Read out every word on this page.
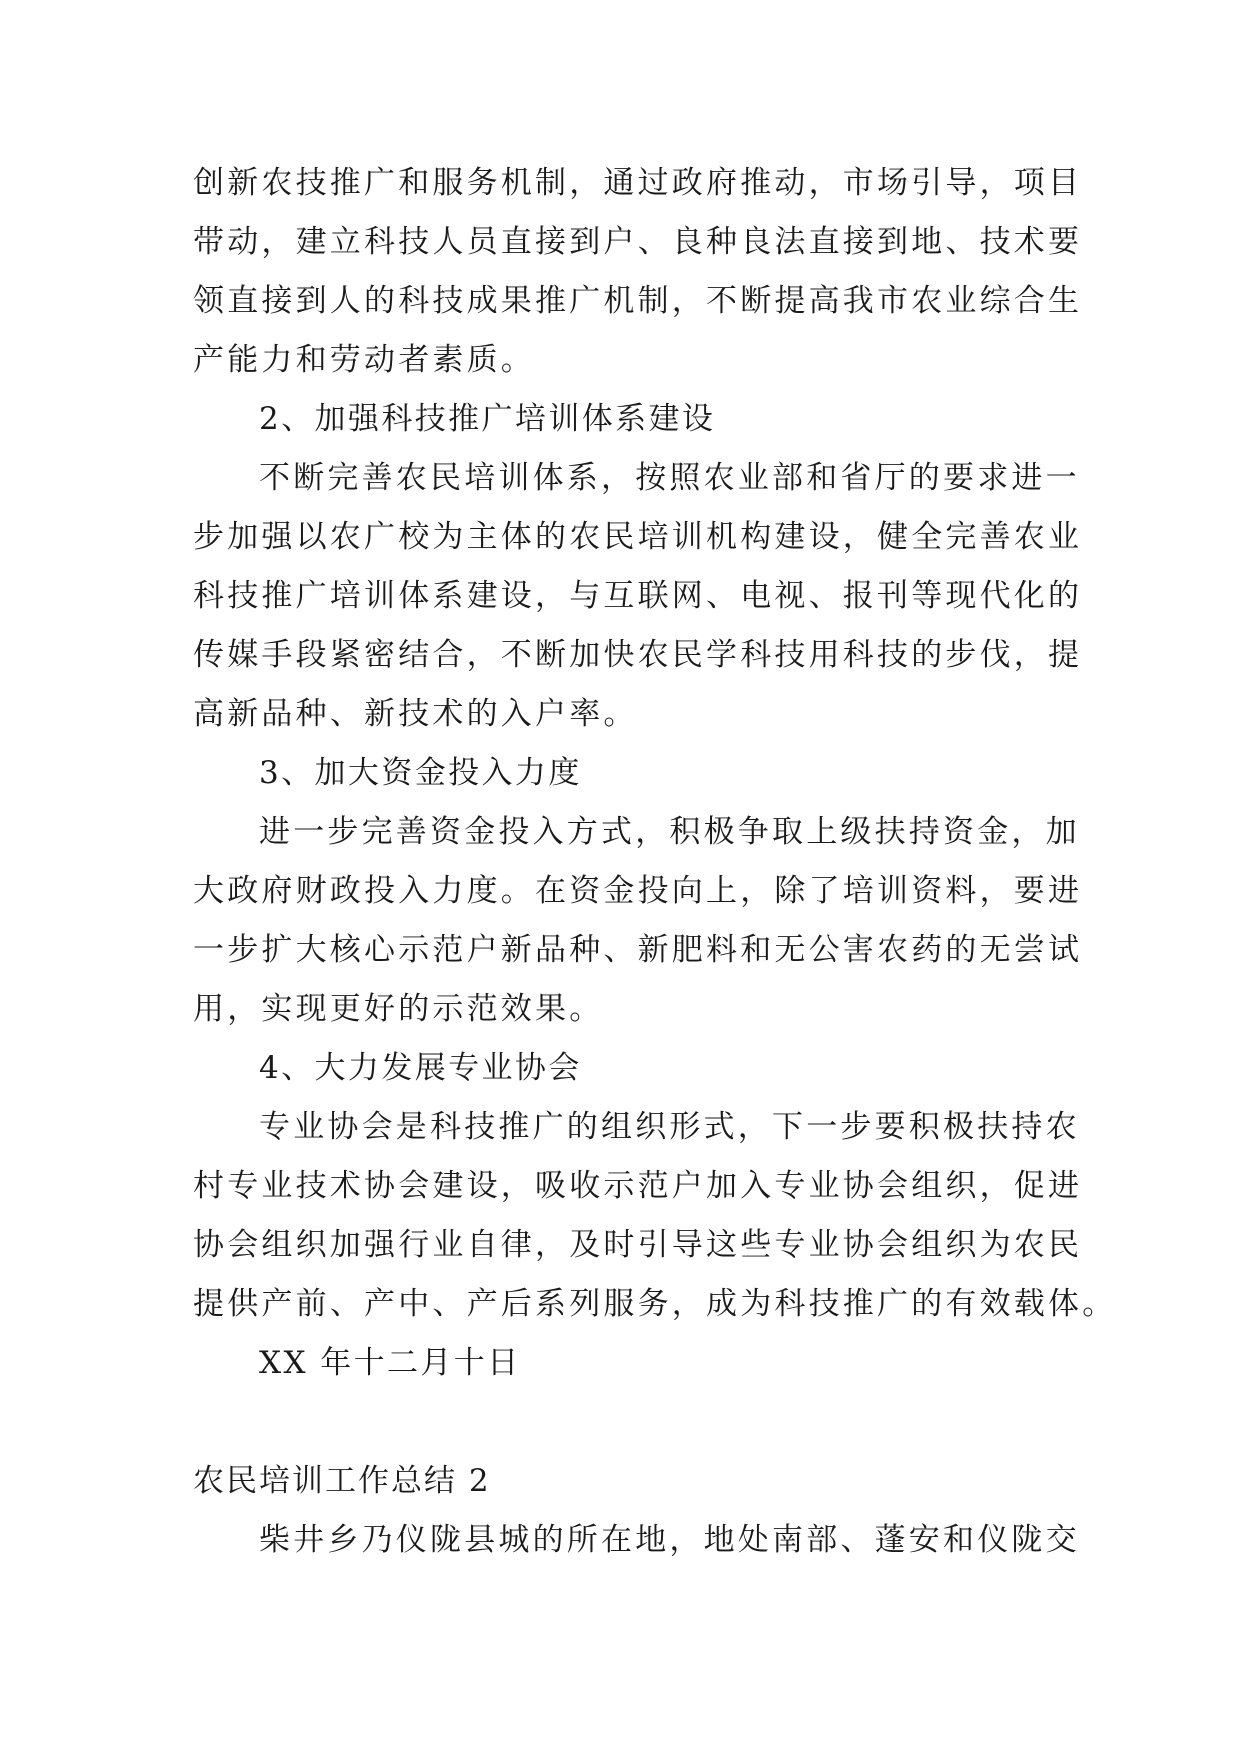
创新农技推广和服务机制，通过政府推动，市场引导，项目
带动，建立科技人员直接到户、良种良法直接到地、技术要
领直接到人的科技成果推广机制，不断提高我市农业综合生
产能力和劳动者素质。
2、加强科技推广培训体系建设
不断完善农民培训体系，按照农业部和省厅的要求进一
步加强以农广校为主体的农民培训机构建设，健全完善农业
科技推广培训体系建设，与互联网、电视、报刊等现代化的
传媒手段紧密结合，不断加快农民学科技用科技的步伐，提
高新品种、新技术的入户率。
3、加大资金投入力度
进一步完善资金投入方式，积极争取上级扶持资金，加
大政府财政投入力度。在资金投向上，除了培训资料，要进
一步扩大核心示范户新品种、新肥料和无公害农药的无尝试
用，实现更好的示范效果。
4、大力发展专业协会
专业协会是科技推广的组织形式，下一步要积极扶持农
村专业技术协会建设，吸收示范户加入专业协会组织，促进
协会组织加强行业自律，及时引导这些专业协会组织为农民
提供产前、产中、产后系列服务，成为科技推广的有效载体。
XX 年十二月十日
农民培训工作总结 2
柴井乡乃仪陇县城的所在地，地处南部、蓬安和仪陇交
